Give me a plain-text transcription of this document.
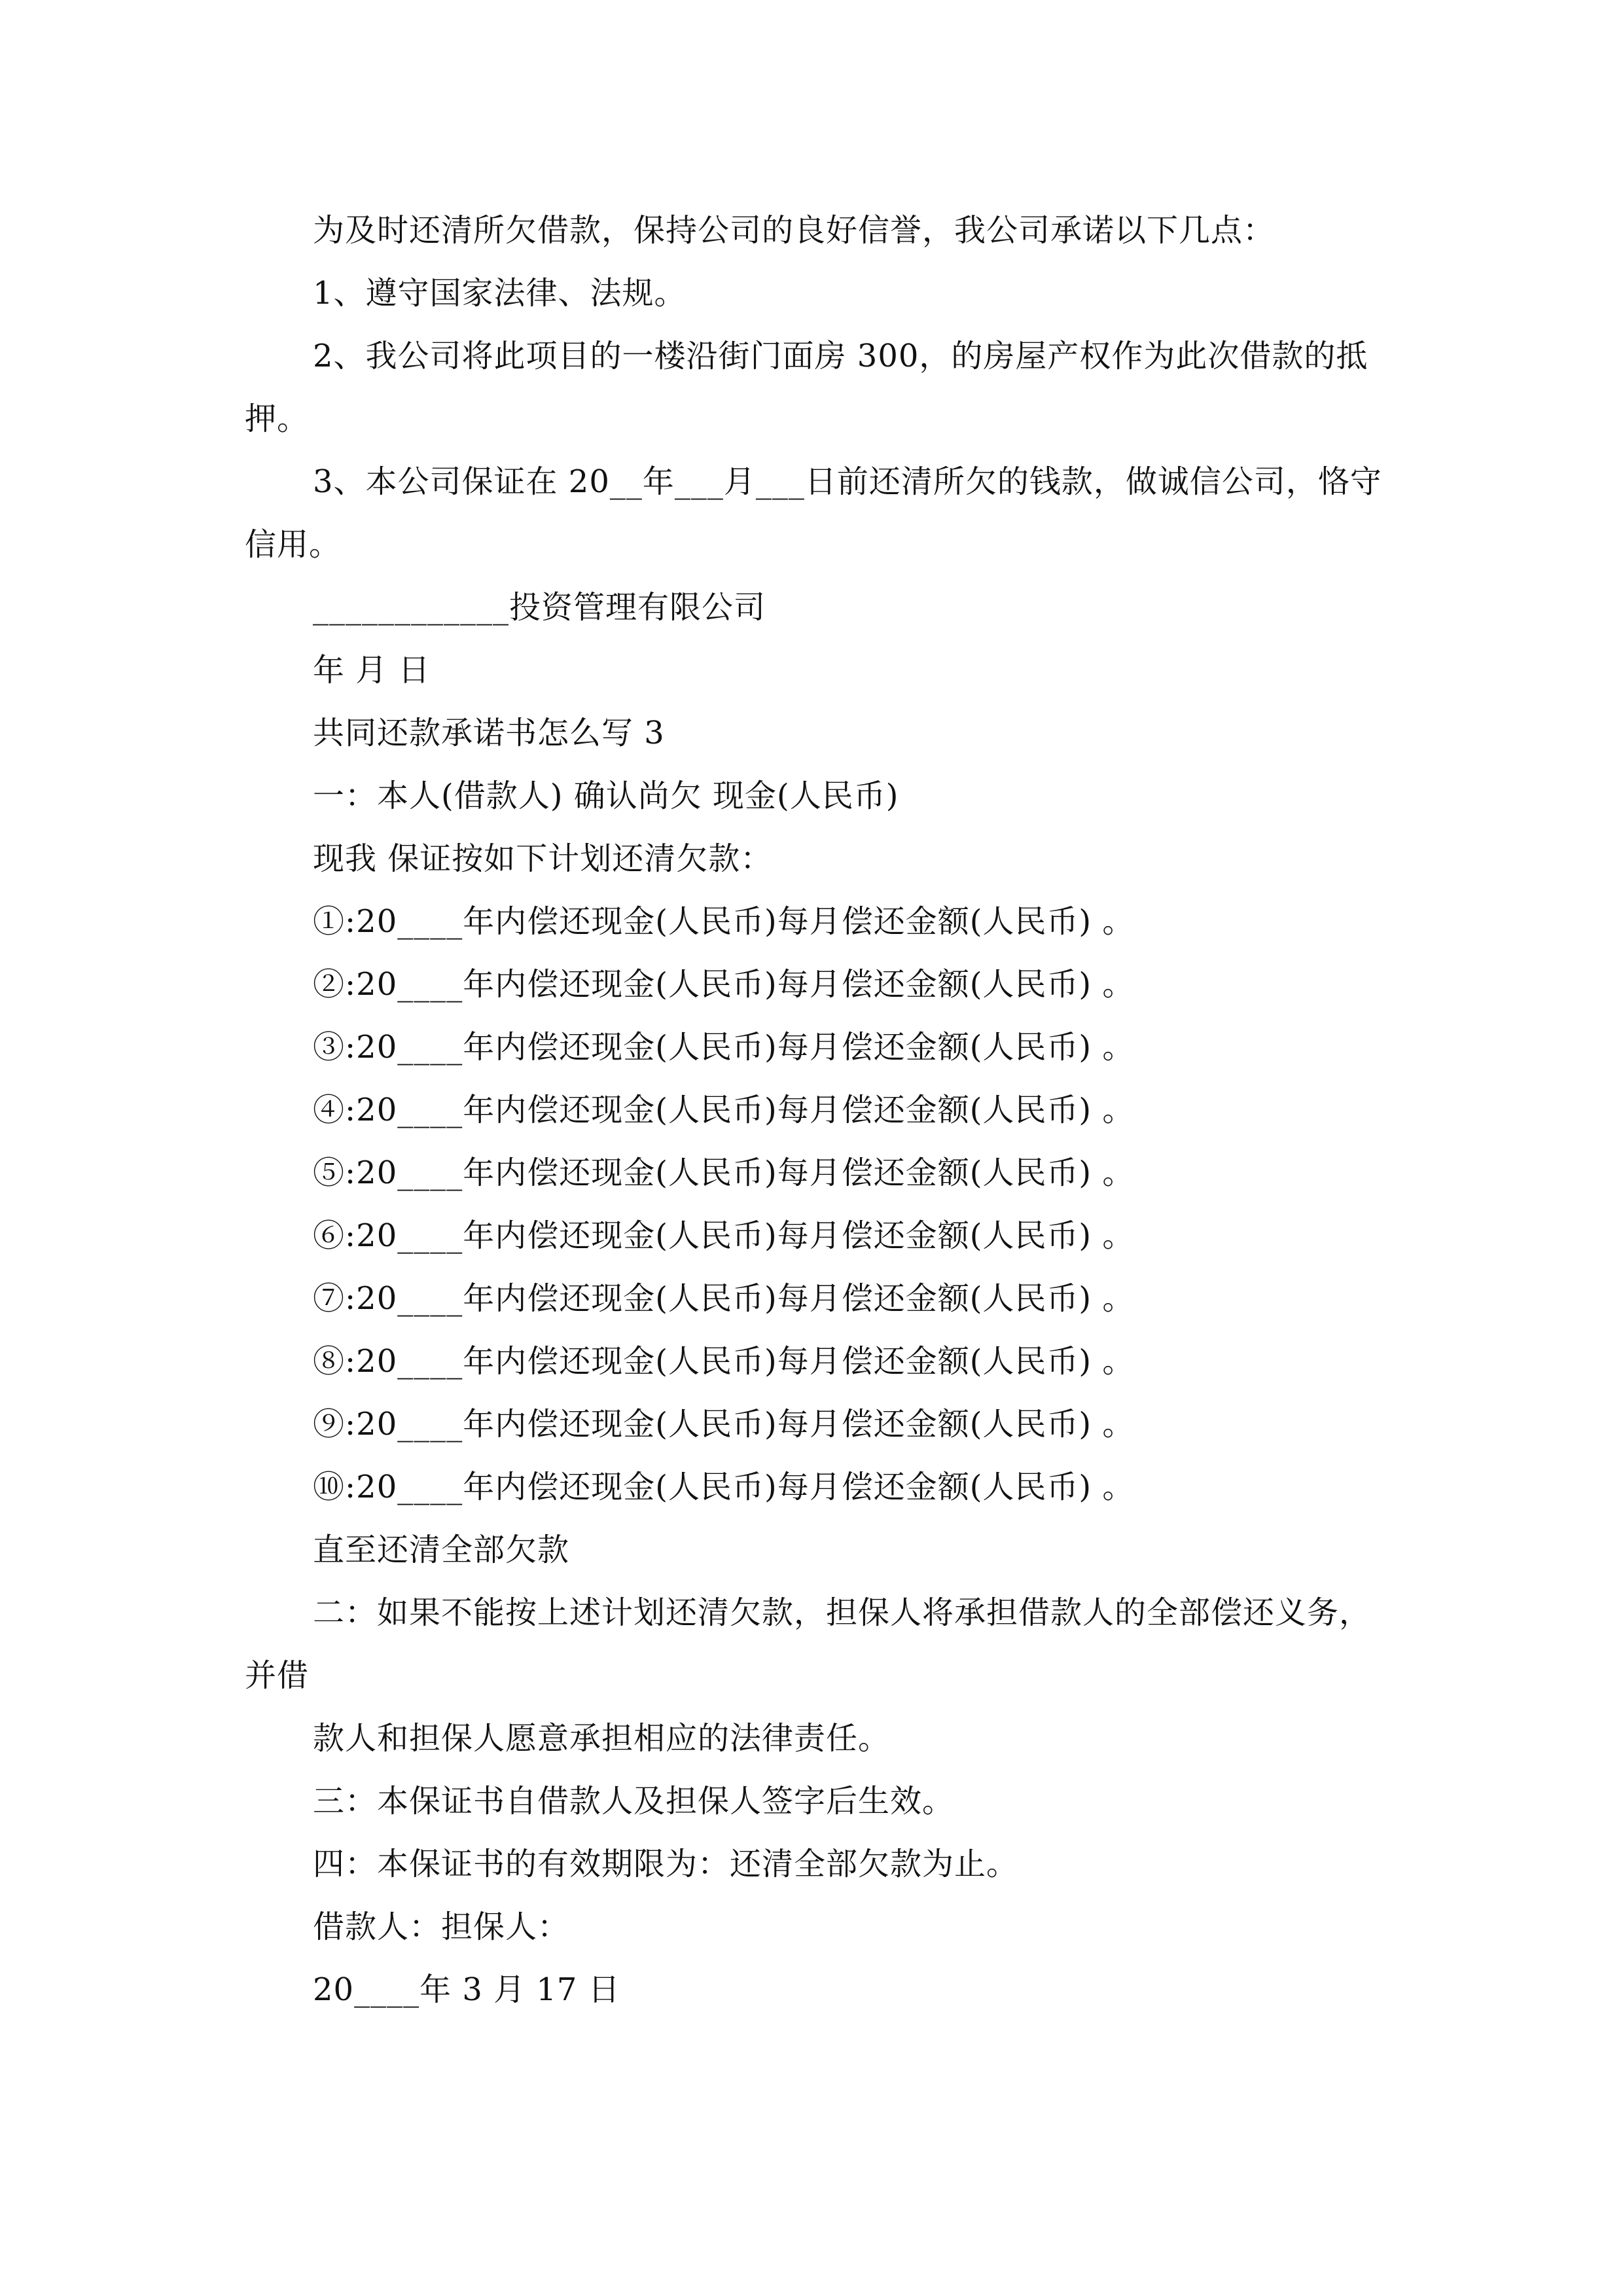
为及时还清所欠借款，保持公司的良好信誉，我公司承诺以下几点：
1、遵守国家法律、法规。
2、我公司将此项目的一楼沿街门面房 300，的房屋产权作为此次借款的抵
押。
3、本公司保证在 20__年___月___日前还清所欠的钱款，做诚信公司，恪守
信用。
____________投资管理有限公司
年 月 日
共同还款承诺书怎么写 3
一：本人(借款人) 确认尚欠 现金(人民币)
现我 保证按如下计划还清欠款：
①:20____年内偿还现金(人民币)每月偿还金额(人民币) 。
②:20____年内偿还现金(人民币)每月偿还金额(人民币) 。
③:20____年内偿还现金(人民币)每月偿还金额(人民币) 。
④:20____年内偿还现金(人民币)每月偿还金额(人民币) 。
⑤:20____年内偿还现金(人民币)每月偿还金额(人民币) 。
⑥:20____年内偿还现金(人民币)每月偿还金额(人民币) 。
⑦:20____年内偿还现金(人民币)每月偿还金额(人民币) 。
⑧:20____年内偿还现金(人民币)每月偿还金额(人民币) 。
⑨:20____年内偿还现金(人民币)每月偿还金额(人民币) 。
⑩:20____年内偿还现金(人民币)每月偿还金额(人民币) 。
直至还清全部欠款
二：如果不能按上述计划还清欠款，担保人将承担借款人的全部偿还义务，
并借
款人和担保人愿意承担相应的法律责任。
三：本保证书自借款人及担保人签字后生效。
四：本保证书的有效期限为：还清全部欠款为止。
借款人：担保人：
20____年 3 月 17 日
